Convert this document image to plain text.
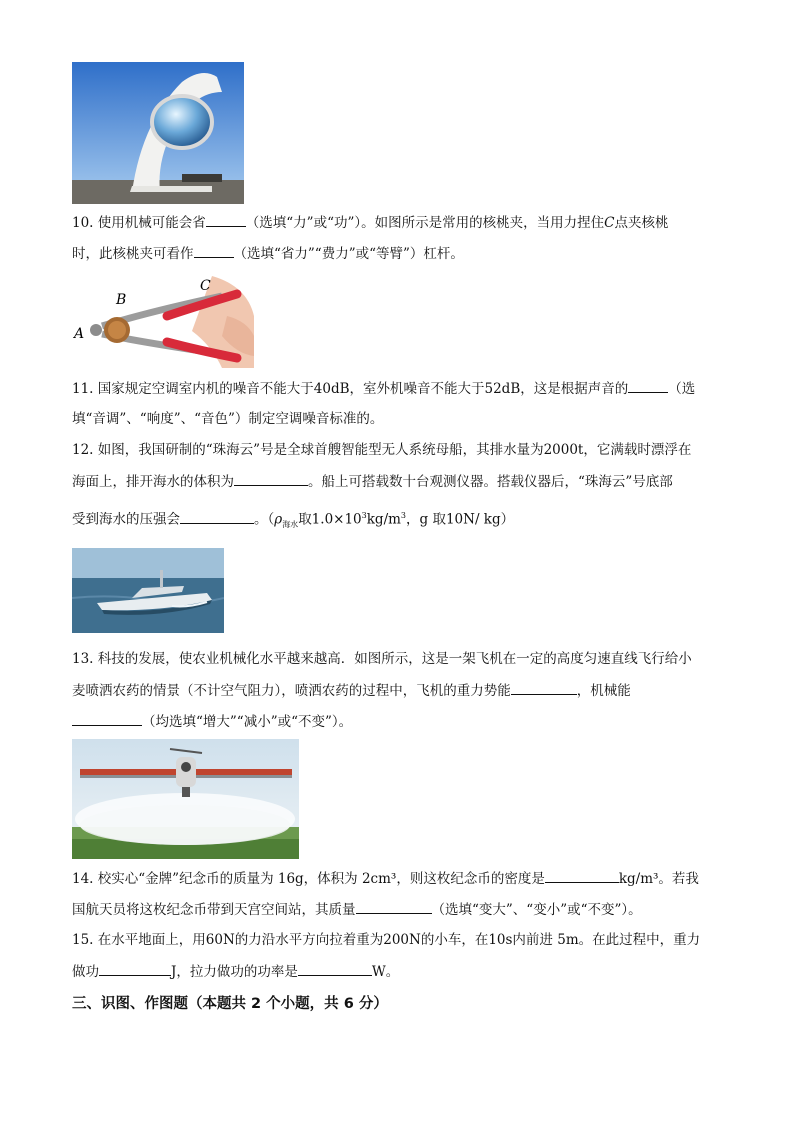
10. 使用机械可能会省	（选填“力”或“功”）。如图所示是常用的核桃夹，当用力捏住C点夹核桃
时，此核桃夹可看作	（选填“省力”“费力”或“等臂”）杠杆。
A
B
C
11. 国家规定空调室内机的噪音不能大于40dB，室外机噪音不能大于52dB，这是根据声音的	（选
填“音调”、“响度”、“音色”）制定空调噪音标准的。
12. 如图，我国研制的“珠海云”号是全球首艘智能型无人系统母船，其排水量为2000t，它满载时漂浮在
海面上，排开海水的体积为	。船上可搭载数十台观测仪器。搭载仪器后，“珠海云”号底部
受到海水的压强会	。（$\rho_{海水}$取$1.0\times 10^3kg/m^3$，g 取10N/ kg）
13. 科技的发展，使农业机械化水平越来越高．如图所示，这是一架飞机在一定的高度匀速直线飞行给小
麦喷洒农药的情景（不计空气阻力），喷洒农药的过程中，飞机的重力势能	，机械能
（均选填“增大”“减小”或“不变”）。
14. 校实心“金牌”纪念币的质量为 16g，体积为 2cm³，则这枚纪念币的密度是	kg/m³。若我
国航天员将这枚纪念币带到天宫空间站，其质量	（选填“变大”、“变小”或“不变”）。
15. 在水平地面上，用60N的力沿水平方向拉着重为200N的小车，在10s内前进 5m。在此过程中，重力
做功	J，拉力做功的功率是	W。
三、识图、作图题（本题共 2 个小题，共 6 分）
